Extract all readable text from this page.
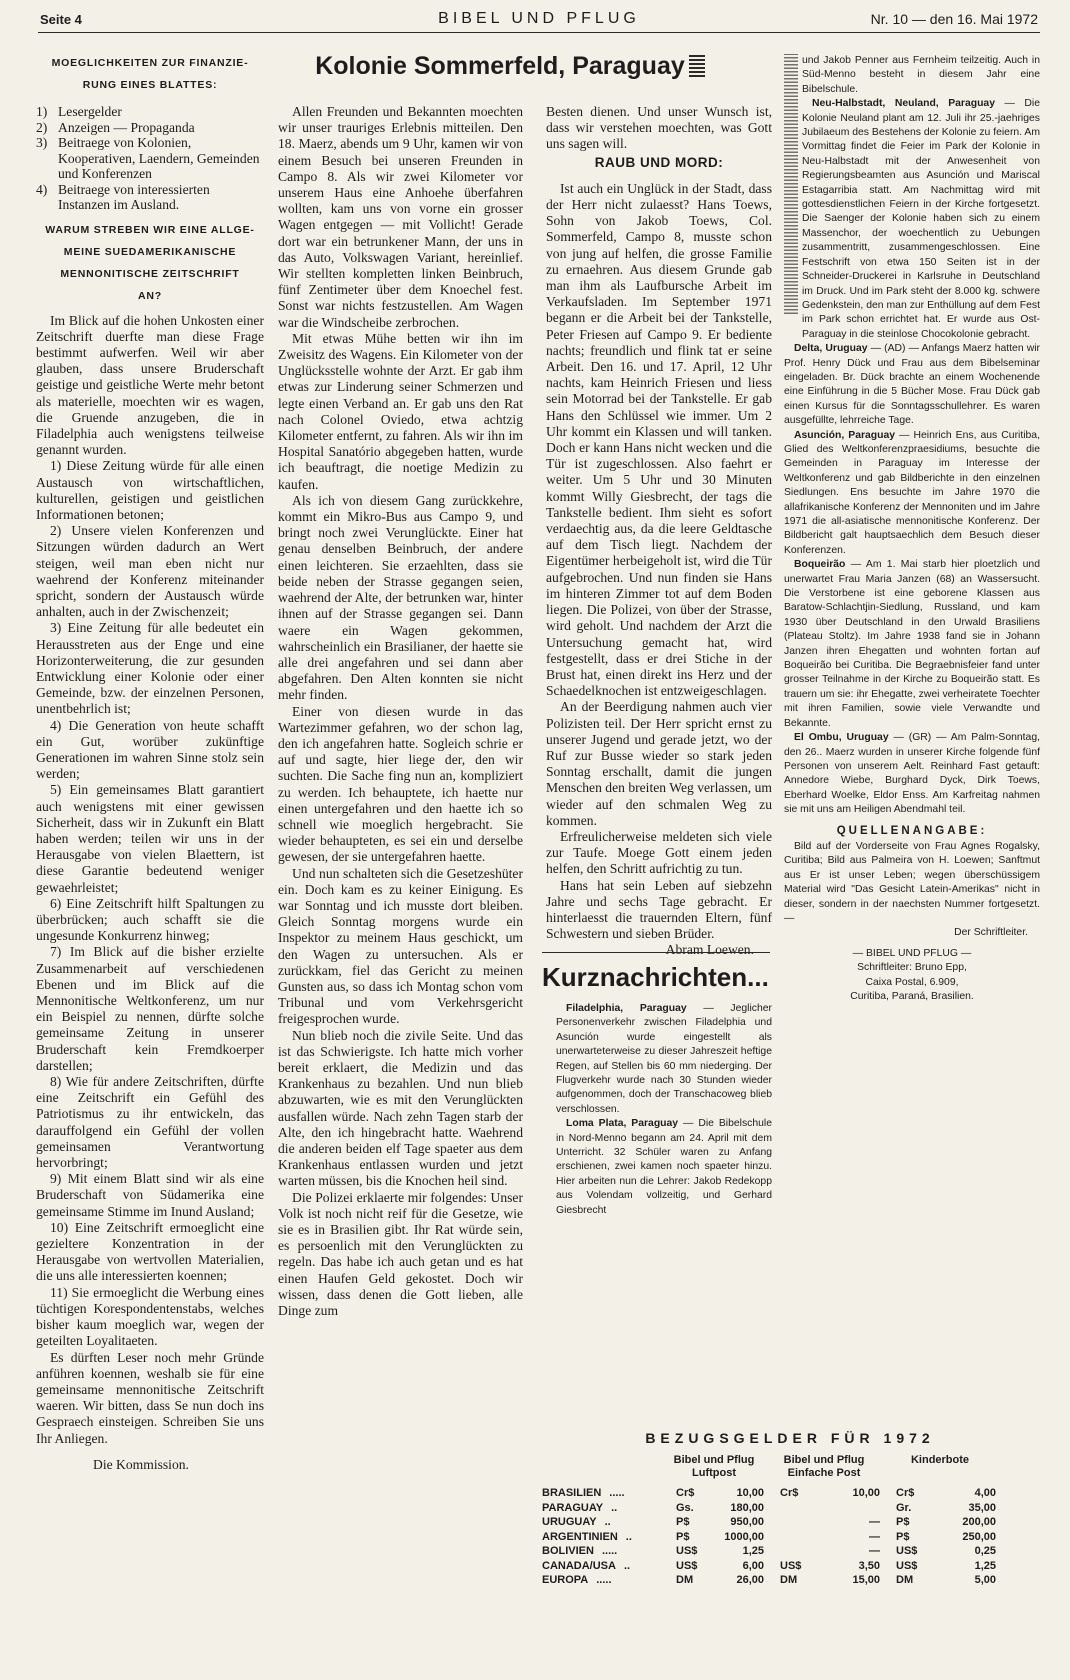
Seite 4	BIBEL UND PFLUG	Nr. 10 — den 16. Mai 1972

MOEGLICHKEITEN ZUR FINANZIE-

RUNG EINES BLATTES:

1) Lesergelder
2) Anzeigen — Propaganda
3) Beitraege von Kolonien, Kooperativen, Laendern, Gemeinden und Konferenzen
4) Beitraege von interessierten Instanzen im Ausland.

WARUM STREBEN WIR EINE ALLGE-

MEINE SUEDAMERIKANISCHE

MENNONITISCHE ZEITSCHRIFT

AN?

Im Blick auf die hohen Unkosten einer Zeitschrift duerfte man diese Frage bestimmt aufwerfen. Weil wir aber glauben, dass unsere Bruderschaft geistige und geistliche Werte mehr betont als materielle, moechten wir es wagen, die Gruende anzugeben, die in Filadelphia auch wenigstens teilweise genannt wurden.

1) Diese Zeitung würde für alle einen Austausch von wirtschaftlichen, kulturellen, geistigen und geistlichen Informationen betonen;

2) Unsere vielen Konferenzen und Sitzungen würden dadurch an Wert steigen, weil man eben nicht nur waehrend der Konferenz miteinander spricht, sondern der Austausch würde anhalten, auch in der Zwischenzeit;

3) Eine Zeitung für alle bedeutet ein Herausstreten aus der Enge und eine Horizonterweiterung, die zur gesunden Entwicklung einer Kolonie oder einer Gemeinde, bzw. der einzelnen Personen, unentbehrlich ist;

4) Die Generation von heute schafft ein Gut, worüber zukünftige Generationen im wahren Sinne stolz sein werden;

5) Ein gemeinsames Blatt garantiert auch wenigstens mit einer gewissen Sicherheit, dass wir in Zukunft ein Blatt haben werden; teilen wir uns in der Herausgabe von vielen Blaettern, ist diese Garantie bedeutend weniger gewaehrleistet;

6) Eine Zeitschrift hilft Spaltungen zu überbrücken; auch schafft sie die ungesunde Konkurrenz hinweg;

7) Im Blick auf die bisher erzielte Zusammenarbeit auf verschiedenen Ebenen und im Blick auf die Mennonitische Weltkonferenz, um nur ein Beispiel zu nennen, dürfte solche gemeinsame Zeitung in unserer Bruderschaft kein Fremdkoerper darstellen;

8) Wie für andere Zeitschriften, dürfte eine Zeitschrift ein Gefühl des Patriotismus zu ihr entwickeln, das darauffolgend ein Gefühl der vollen gemeinsamen Verantwortung hervorbringt;

9) Mit einem Blatt sind wir als eine Bruderschaft von Südamerika eine gemeinsame Stimme im Inund Ausland;

10) Eine Zeitschrift ermoeglicht eine gezieltere Konzentration in der Herausgabe von wertvollen Materialien, die uns alle interessierten koennen;

11) Sie ermoeglicht die Werbung eines tüchtigen Korespondentenstabs, welches bisher kaum moeglich war, wegen der geteilten Loyalitaeten.

Es dürften Leser noch mehr Gründe anführen koennen, weshalb sie für eine gemeinsame mennonitische Zeitschrift waeren. Wir bitten, dass Se nun doch ins Gespraech einsteigen. Schreiben Sie uns Ihr Anliegen.

Die Kommission.

Kolonie Sommerfeld, Paraguay

Allen Freunden und Bekannten moechten wir unser trauriges Erlebnis mitteilen. Den 18. Maerz, abends um 9 Uhr, kamen wir von einem Besuch bei unseren Freunden in Campo 8. Als wir zwei Kilometer vor unserem Haus eine Anhoehe überfahren wollten, kam uns von vorne ein grosser Wagen entgegen — mit Vollicht! Gerade dort war ein betrunkener Mann, der uns in das Auto, Volkswagen Variant, hereinlief. Wir stellten kompletten linken Beinbruch, fünf Zentimeter über dem Knoechel fest. Sonst war nichts festzustellen. Am Wagen war die Windscheibe zerbrochen.

Mit etwas Mühe betten wir ihn im Zweisitz des Wagens. Ein Kilometer von der Unglücksstelle wohnte der Arzt. Er gab ihm etwas zur Linderung seiner Schmerzen und legte einen Verband an. Er gab uns den Rat nach Colonel Oviedo, etwa achtzig Kilometer entfernt, zu fahren. Als wir ihn im Hospital Sanatório abgegeben hatten, wurde ich beauftragt, die noetige Medizin zu kaufen.

Als ich von diesem Gang zurückkehre, kommt ein Mikro-Bus aus Campo 9, und bringt noch zwei Verunglückte. Einer hat genau denselben Beinbruch, der andere einen leichteren. Sie erzaehlten, dass sie beide neben der Strasse gegangen seien, waehrend der Alte, der betrunken war, hinter ihnen auf der Strasse gegangen sei. Dann waere ein Wagen gekommen, wahrscheinlich ein Brasilianer, der haette sie alle drei angefahren und sei dann aber abgefahren. Den Alten konnten sie nicht mehr finden.

Einer von diesen wurde in das Wartezimmer gefahren, wo der schon lag, den ich angefahren hatte. Sogleich schrie er auf und sagte, hier liege der, den wir suchten. Die Sache fing nun an, kompliziert zu werden. Ich behauptete, ich haette nur einen untergefahren und den haette ich so schnell wie moeglich hergebracht. Sie wieder behaupteten, es sei ein und derselbe gewesen, der sie untergefahren haette.

Und nun schalteten sich die Gesetzeshüter ein. Doch kam es zu keiner Einigung. Es war Sonntag und ich musste dort bleiben. Gleich Sonntag morgens wurde ein Inspektor zu meinem Haus geschickt, um den Wagen zu untersuchen. Als er zurückkam, fiel das Gericht zu meinen Gunsten aus, so dass ich Montag schon vom Tribunal und vom Verkehrsgericht freigesprochen wurde.

Nun blieb noch die zivile Seite. Und das ist das Schwierigste. Ich hatte mich vorher bereit erklaert, die Medizin und das Krankenhaus zu bezahlen. Und nun blieb abzuwarten, wie es mit den Verunglückten ausfallen würde. Nach zehn Tagen starb der Alte, den ich hingebracht hatte. Waehrend die anderen beiden elf Tage spaeter aus dem Krankenhaus entlassen wurden und jetzt warten müssen, bis die Knochen heil sind.

Die Polizei erklaerte mir folgendes: Unser Volk ist noch nicht reif für die Gesetze, wie sie es in Brasilien gibt. Ihr Rat würde sein, es persoenlich mit den Verunglückten zu regeln. Das habe ich auch getan und es hat einen Haufen Geld gekostet. Doch wir wissen, dass denen die Gott lieben, alle Dinge zum

Besten dienen. Und unser Wunsch ist, dass wir verstehen moechten, was Gott uns sagen will.

RAUB UND MORD:

Ist auch ein Unglück in der Stadt, dass der Herr nicht zulaesst? Hans Toews, Sohn von Jakob Toews, Col. Sommerfeld, Campo 8, musste schon von jung auf helfen, die grosse Familie zu ernaehren. Aus diesem Grunde gab man ihm als Laufbursche Arbeit im Verkaufsladen. Im September 1971 begann er die Arbeit bei der Tankstelle, Peter Friesen auf Campo 9. Er bediente nachts; freundlich und flink tat er seine Arbeit. Den 16. und 17. April, 12 Uhr nachts, kam Heinrich Friesen und liess sein Motorrad bei der Tankstelle. Er gab Hans den Schlüssel wie immer. Um 2 Uhr kommt ein Klassen und will tanken. Doch er kann Hans nicht wecken und die Tür ist zugeschlossen. Also faehrt er weiter. Um 5 Uhr und 30 Minuten kommt Willy Giesbrecht, der tags die Tankstelle bedient. Ihm sieht es sofort verdaechtig aus, da die leere Geldtasche auf dem Tisch liegt. Nachdem der Eigentümer herbeigeholt ist, wird die Tür aufgebrochen. Und nun finden sie Hans im hinteren Zimmer tot auf dem Boden liegen. Die Polizei, von über der Strasse, wird geholt. Und nachdem der Arzt die Untersuchung gemacht hat, wird festgestellt, dass er drei Stiche in der Brust hat, einen direkt ins Herz und der Schaedelknochen ist entzweigeschlagen.

An der Beerdigung nahmen auch vier Polizisten teil. Der Herr spricht ernst zu unserer Jugend und gerade jetzt, wo der Ruf zur Busse wieder so stark jeden Sonntag erschallt, damit die jungen Menschen den breiten Weg verlassen, um wieder auf den schmalen Weg zu kommen.

Erfreulicherweise meldeten sich viele zur Taufe. Moege Gott einem jeden helfen, den Schritt aufrichtig zu tun.

Hans hat sein Leben auf siebzehn Jahre und sechs Tage gebracht. Er hinterlaesst die trauernden Eltern, fünf Schwestern und sieben Brüder.

Abram Loewen.

Kurznachrichten...

Filadelphia, Paraguay — Jeglicher Personenverkehr zwischen Filadelphia und Asunción wurde eingestellt als unerwarteterweise zu dieser Jahreszeit heftige Regen, auf Stellen bis 60 mm niederging. Der Flugverkehr wurde nach 30 Stunden wieder aufgenommen, doch der Transchacoweg blieb verschlossen.

Loma Plata, Paraguay — Die Bibelschule in Nord-Menno begann am 24. April mit dem Unterricht. 32 Schüler waren zu Anfang erschienen, zwei kamen noch spaeter hinzu. Hier arbeiten nun die Lehrer: Jakob Redekopp aus Volendam vollzeitig, und Gerhard Giesbrecht

und Jakob Penner aus Fernheim teilzeitig. Auch in Süd-Menno besteht in diesem Jahr eine Bibelschule.

Neu-Halbstadt, Neuland, Paraguay — Die Kolonie Neuland plant am 12. Juli ihr 25.-jaehriges Jubilaeum des Bestehens der Kolonie zu feiern. Am Vormittag findet die Feier im Park der Kolonie in Neu-Halbstadt mit der Anwesenheit von Regierungsbeamten aus Asunción und Mariscal Estagarribia statt. Am Nachmittag wird mit gottesdienstlichen Feiern in der Kirche fortgesetzt. Die Saenger der Kolonie haben sich zu einem Massenchor, der woechentlich zu Uebungen zusammentritt, zusammengeschlossen. Eine Festschrift von etwa 150 Seiten ist in der Schneider-Druckerei in Karlsruhe in Deutschland im Druck. Und im Park steht der 8.000 kg. schwere Gedenkstein, den man zur Enthüllung auf dem Fest im Park schon errichtet hat. Er wurde aus Ost-Paraguay in die steinlose Chocokolonie gebracht.

Delta, Uruguay — (AD) — Anfangs Maerz hatten wir Prof. Henry Dück und Frau aus dem Bibelseminar eingeladen. Br. Dück brachte an einem Wochenende eine Einführung in die 5 Bücher Mose. Frau Dück gab einen Kursus für die Sonntagsschullehrer. Es waren ausgefüllte, lehrreiche Tage.

Asunción, Paraguay — Heinrich Ens, aus Curitiba, Glied des Weltkonferenzpraesidiums, besuchte die Gemeinden in Paraguay im Interesse der Weltkonferenz und gab Bildberichte in den einzelnen Siedlungen. Ens besuchte im Jahre 1970 die allafrikanische Konferenz der Mennoniten und im Jahre 1971 die all-asiatische mennonitische Konferenz. Der Bildbericht galt hauptsaechlich dem Besuch dieser Konferenzen.

Boqueirão — Am 1. Mai starb hier ploetzlich und unerwartet Frau Maria Janzen (68) an Wassersucht. Die Verstorbene ist eine geborene Klassen aus Baratow-Schlachtjin-Siedlung, Russland, und kam 1930 über Deutschland in den Urwald Brasiliens (Plateau Stoltz). Im Jahre 1938 fand sie in Johann Janzen ihren Ehegatten und wohnten fortan auf Boqueirão bei Curitiba. Die Begraebnisfeier fand unter grosser Teilnahme in der Kirche zu Boqueirão statt. Es trauern um sie: ihr Ehegatte, zwei verheiratete Toechter mit ihren Familien, sowie viele Verwandte und Bekannte.

El Ombu, Uruguay — (GR) — Am Palm-Sonntag, den 26.. Maerz wurden in unserer Kirche folgende fünf Personen von unserem Aelt. Reinhard Fast getauft: Annedore Wiebe, Burghard Dyck, Dirk Toews, Eberhard Woelke, Eldor Enss. Am Karfreitag nahmen sie mit uns am Heiligen Abendmahl teil.

QUELLENANGABE:

Bild auf der Vorderseite von Frau Agnes Rogalsky, Curitiba; Bild aus Palmeira von H. Loewen; Sanftmut aus Er ist unser Leben; wegen überschüssigem Material wird "Das Gesicht Latein-Amerikas" nicht in dieser, sondern in der naechsten Nummer fortgesetzt. —

Der Schriftleiter.

— BIBEL UND PFLUG —
Schriftleiter: Bruno Epp,
Caixa Postal, 6.909,
Curitiba, Paraná, Brasilien.
BEZUGSGELDER FÜR 1972
	Bibel und Pflug Luftpost		Bibel und Pflug Einfache Post		Kinderbote	
BRASILIEN .....	Cr$	10,00	Cr$	10,00	Cr$	4,00
PARAGUAY ..	Gs.	180,00			Gr.	35,00
URUGUAY ..	P$	950,00		—	P$	200,00
ARGENTINIEN ..	P$	1000,00		—	P$	250,00
BOLIVIEN .....	US$	1,25		—	US$	0,25
CANADA/USA ..	US$	6,00	US$	3,50	US$	1,25
EUROPA .....	DM	26,00	DM	15,00	DM	5,00
